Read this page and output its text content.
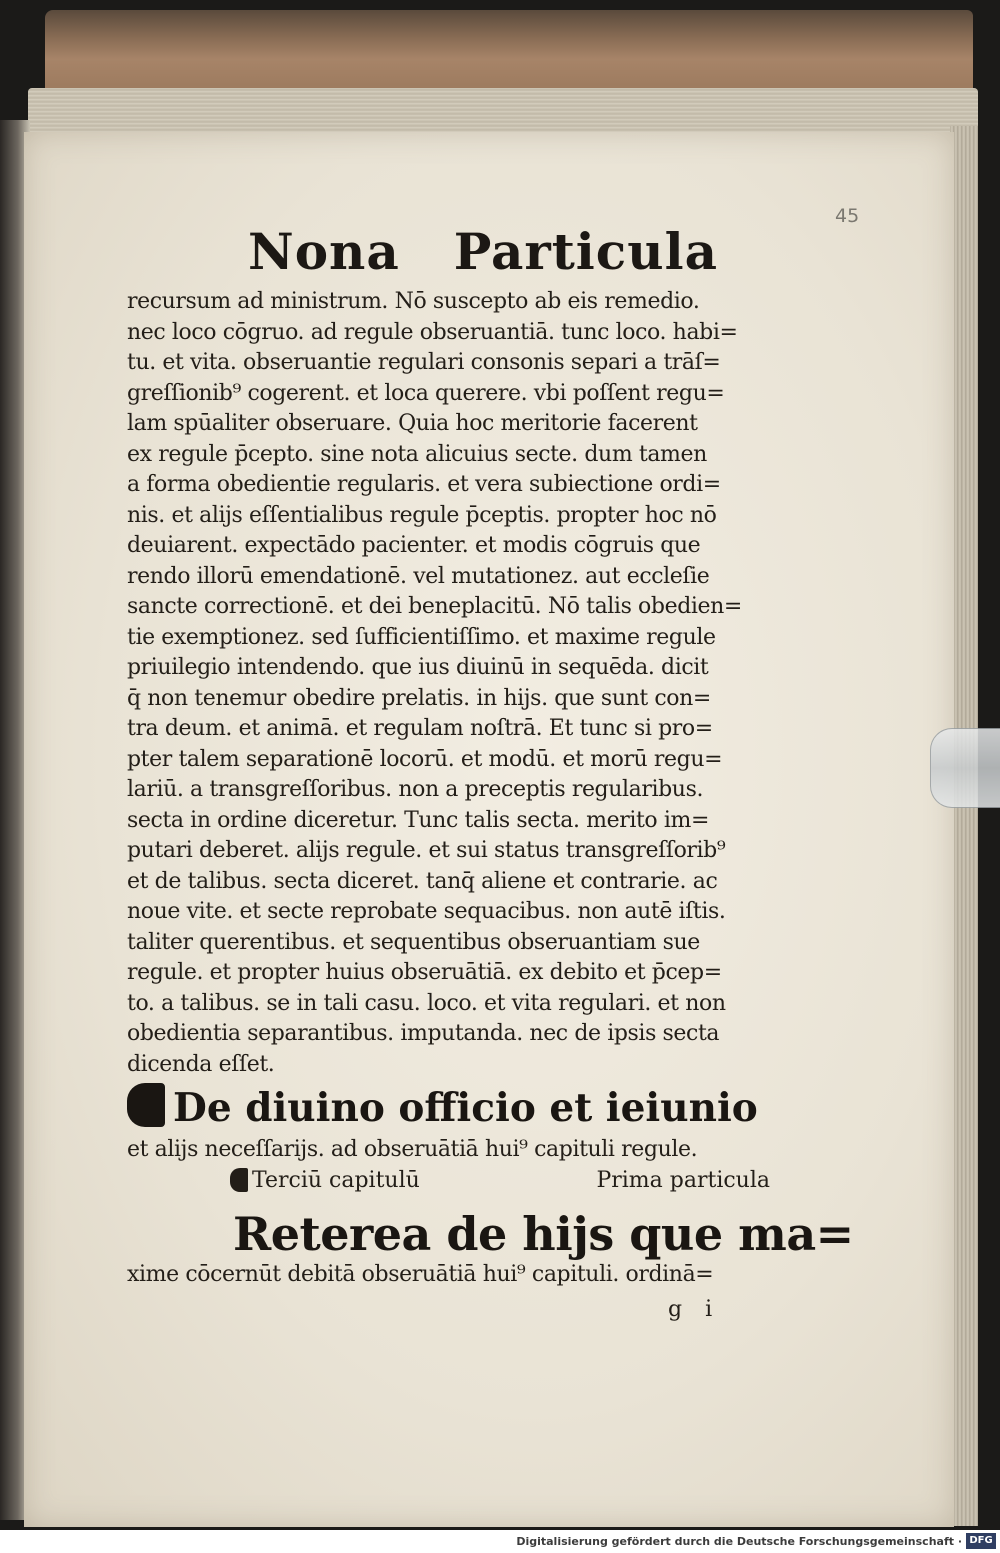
45
Nona Particula
recursum ad ministrum. Nō suscepto ab eis remedio.
nec loco cōgruo. ad regule obseruantiā. tunc loco. habi=
tu. et vita. obseruantie regulari consonis separi a trāſ=
greſſionib⁹ cogerent. et loca querere. vbi poſſent regu=
lam spūaliter obseruare. Quia hoc meritorie facerent
ex regule p̄cepto. sine nota alicuius secte. dum tamen
a forma obedientie regularis. et vera subiectione ordi=
nis. et alijs eſſentialibus regule p̄ceptis. propter hoc nō
deuiarent. expectādo pacienter. et modis cōgruis que
rendo illorū emendationē. vel mutationez. aut eccleſie
sancte correctionē. et dei beneplacitū. Nō talis obedien=
tie exemptionez. sed ſufficientiſſimo. et maxime regule
priuilegio intendendo. que ius diuinū in sequēda. dicit
q̄ non tenemur obedire prelatis. in hijs. que sunt con=
tra deum. et animā. et regulam noſtrā. Et tunc si pro=
pter talem separationē locorū. et modū. et morū regu=
lariū. a transgreſſoribus. non a preceptis regularibus.
secta in ordine diceretur. Tunc talis secta. merito im=
putari deberet. alijs regule. et sui status transgreſſorib⁹
et de talibus. secta diceret. tanq̄ aliene et contrarie. ac
noue vite. et secte reprobate sequacibus. non autē iſtis.
taliter querentibus. et sequentibus obseruantiam sue
regule. et propter huius obseruātiā. ex debito et p̄cep=
to. a talibus. se in tali casu. loco. et vita regulari. et non
obedientia separantibus. imputanda. nec de ipsis secta
dicenda eſſet.
De diuino officio et ieiunio
et alijs neceſſarijs. ad obseruātiā hui⁹ capituli regule.
Terciū capitulū	Prima particula
Reterea de hijs que ma=
xime cōcernūt debitā obseruātiā hui⁹ capituli. ordinā=
g i
Digitalisierung gefördert durch die Deutsche Forschungsgemeinschaft · DFG
